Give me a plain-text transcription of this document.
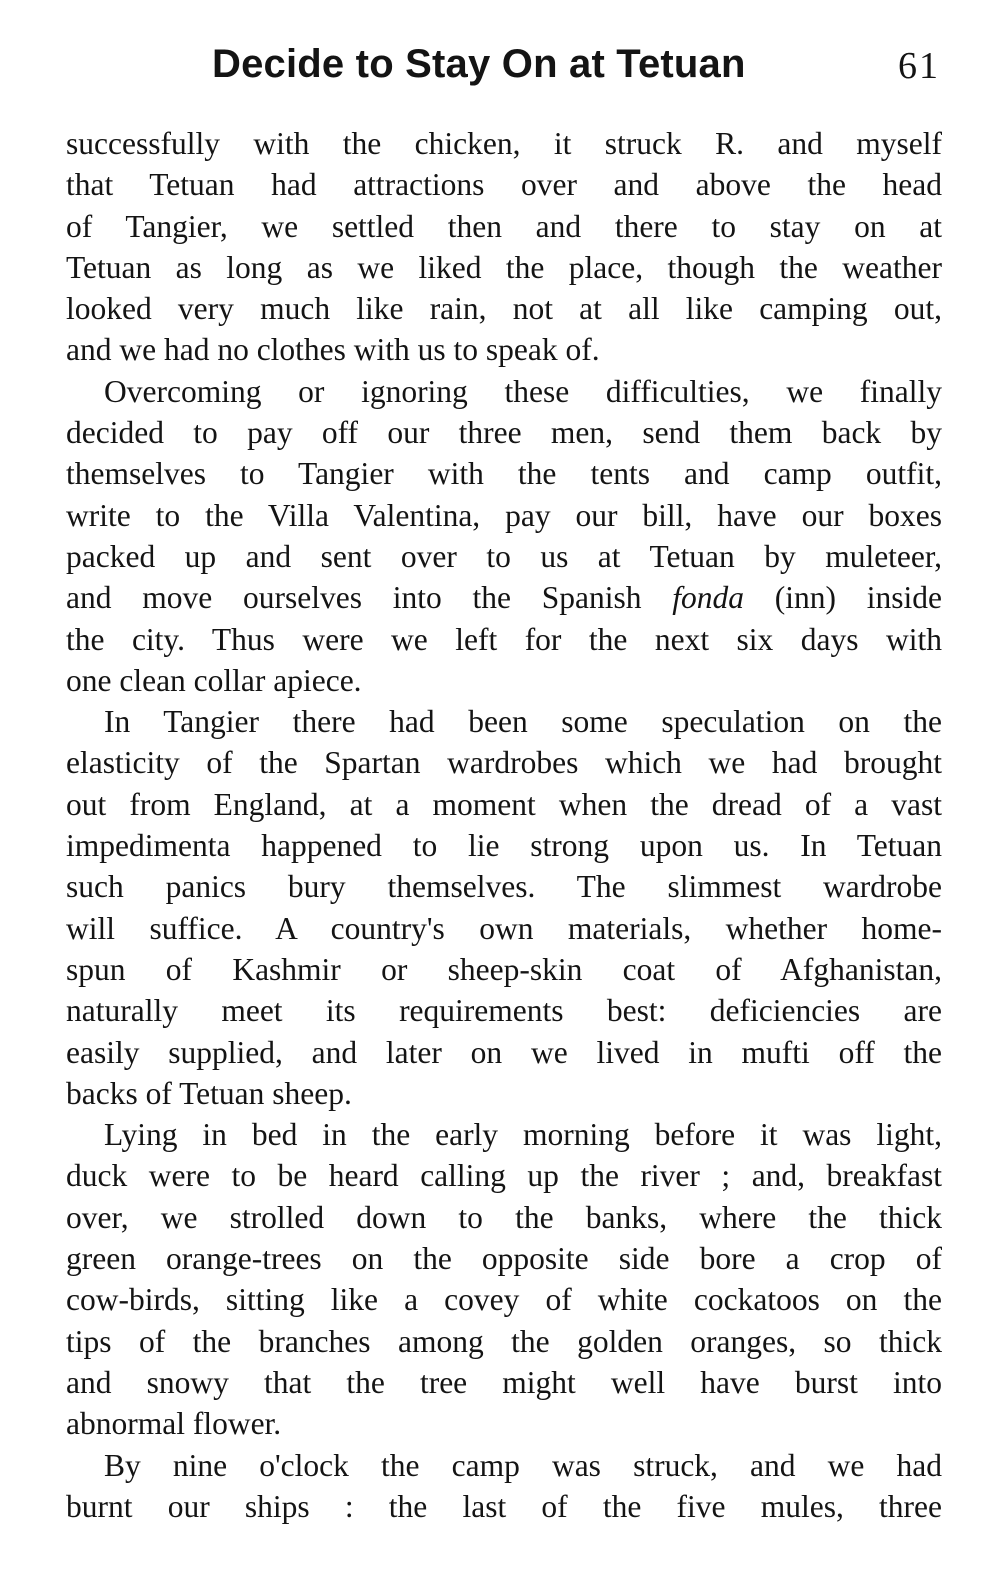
Decide to Stay On at Tetuan	61
successfully with the chicken, it struck R. and myself
that Tetuan had attractions over and above the head
of Tangier, we settled then and there to stay on at
Tetuan as long as we liked the place, though the weather
looked very much like rain, not at all like camping out,
and we had no clothes with us to speak of.
Overcoming or ignoring these difficulties, we finally
decided to pay off our three men, send them back by
themselves to Tangier with the tents and camp outfit,
write to the Villa Valentina, pay our bill, have our boxes
packed up and sent over to us at Tetuan by muleteer,
and move ourselves into the Spanish fonda (inn) inside
the city. Thus were we left for the next six days with
one clean collar apiece.
In Tangier there had been some speculation on the
elasticity of the Spartan wardrobes which we had brought
out from England, at a moment when the dread of a vast
impedimenta happened to lie strong upon us. In Tetuan
such panics bury themselves. The slimmest wardrobe
will suffice. A country's own materials, whether home-
spun of Kashmir or sheep-skin coat of Afghanistan,
naturally meet its requirements best: deficiencies are
easily supplied, and later on we lived in mufti off the
backs of Tetuan sheep.
Lying in bed in the early morning before it was light,
duck were to be heard calling up the river ; and, breakfast
over, we strolled down to the banks, where the thick
green orange-trees on the opposite side bore a crop of
cow-birds, sitting like a covey of white cockatoos on the
tips of the branches among the golden oranges, so thick
and snowy that the tree might well have burst into
abnormal flower.
By nine o'clock the camp was struck, and we had
burnt our ships : the last of the five mules, three
